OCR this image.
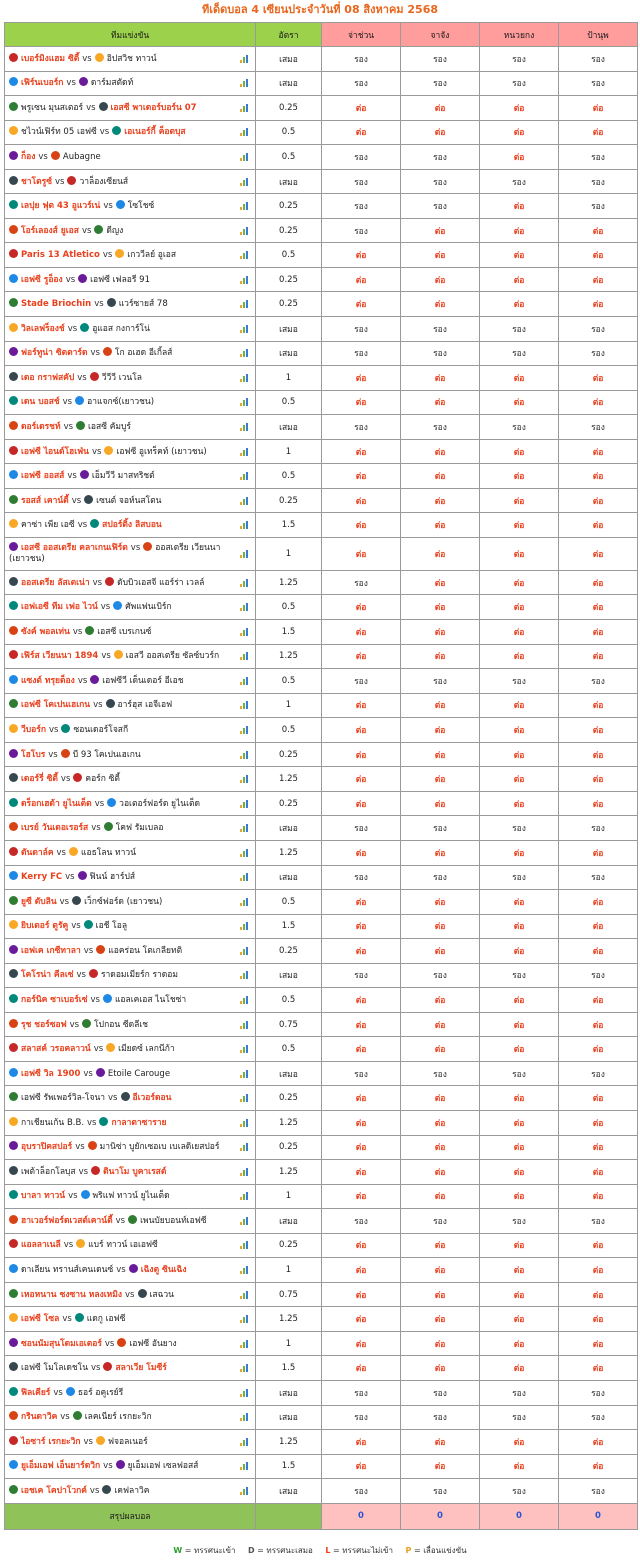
ทีเด็ดบอล 4 เซียนประจำวันที่ 08 สิงหาคม 2568
ทีมแข่งขัน	อัตรา	จ่าช่วน	จาจัง	หนวยกง	ป้านุพ
เบอร์มิงแฮม ซิตี้ vs อิปสวิช ทาวน์	เสมอ	รอง	รอง	รอง	รอง
เฟิร์นเบอร์ก vs ดาร์มสตัดท์	เสมอ	รอง	รอง	รอง	รอง
พรูเซน มุนสเตอร์ vs เอสซี พาเดอร์บอร์น 07	0.25	ต่อ	ต่อ	ต่อ	ต่อ
ชไวน์เฟิร์ท 05 เอฟซี vs เอเนอร์กี้ ค็อตบุส	0.5	ต่อ	ต่อ	ต่อ	ต่อ
ก็อง vs Aubagne	0.5	รอง	รอง	ต่อ	รอง
ชาโตรูซ์ vs วาล็องเซียนส์	เสมอ	รอง	รอง	รอง	รอง
เลปุย ฟุต 43 อูแวร์เน่ vs โซโชซ์	0.25	รอง	รอง	ต่อ	รอง
โอร์เลองส์ ยูเอส vs ดีญง	0.25	รอง	ต่อ	ต่อ	ต่อ
Paris 13 Atletico vs เกววีลย์ อูเอส	0.5	ต่อ	ต่อ	ต่อ	ต่อ
เอฟซี รูอ็อง vs เอฟซี เฟลอรี 91	0.25	ต่อ	ต่อ	ต่อ	ต่อ
Stade Briochin vs แวร์ซายส์ 78	0.25	ต่อ	ต่อ	ต่อ	ต่อ
วิลเลฟร็องช์ vs อูแอส กงการ์โน่	เสมอ	รอง	รอง	รอง	รอง
ฟอร์ทูน่า ซิตตาร์ด vs โก อเฮด อีเกิ้ลส์	เสมอ	รอง	รอง	รอง	รอง
เดอ กราฟสคัป vs วีวีวี เวนโล	1	ต่อ	ต่อ	ต่อ	ต่อ
เดน บอสช์ vs อาแจกซ์(เยาวชน)	0.5	ต่อ	ต่อ	ต่อ	ต่อ
ดอร์เดรชท์ vs เอสซี คัมบูร์	เสมอ	รอง	รอง	รอง	รอง
เอฟซี ไอนด์โฮเฟ่น vs เอฟซี อูเทร็คท์ (เยาวชน)	1	ต่อ	ต่อ	ต่อ	ต่อ
เอฟซี ออสส์ vs เอ็มวีวี มาสทริชต์	0.5	ต่อ	ต่อ	ต่อ	ต่อ
รอสส์ เคาน์ตี้ vs เซนต์ จอห์นสโตน	0.25	ต่อ	ต่อ	ต่อ	ต่อ
คาซ่า เพีย เอซี vs สปอร์ติ้ง ลิสบอน	1.5	ต่อ	ต่อ	ต่อ	ต่อ
เอสซี ออสเตรีย คลาเกนเฟิร์ต vs ออสเตรีย เวียนนา (เยาวชน)	1	ต่อ	ต่อ	ต่อ	ต่อ
ออสเตรีย ลัสเตเน่า vs ดับบิวเอสจี แอร์ร่า เวลล์	1.25	รอง	ต่อ	ต่อ	ต่อ
เอฟเอซี ทีม เฟอ ไวน์ vs ศัพแฟนเบิร์ก	0.5	ต่อ	ต่อ	ต่อ	ต่อ
ซังค์ พอลเท่น vs เอสซี เบรเกนซ์	1.5	ต่อ	ต่อ	ต่อ	ต่อ
เฟิร์ส เวียนนา 1894 vs เอสวี ออสเตรีย ซัลซ์บวร์ก	1.25	ต่อ	ต่อ	ต่อ	ต่อ
แซงต์ ทรุยด็อง vs เอฟซีวี เด็นเดอร์ อีเอช	0.5	รอง	รอง	รอง	รอง
เอฟซี โคเปนเฮเกน vs อาร์ฮุส เอจีเอฟ	1	ต่อ	ต่อ	ต่อ	ต่อ
วีบอร์ก vs ซอนเดอร์โจสกี	0.5	ต่อ	ต่อ	ต่อ	ต่อ
โฮโบร vs บี 93 โคเปนเฮเกน	0.25	ต่อ	ต่อ	ต่อ	ต่อ
เดอร์รี่ ซิตี้ vs คอร์ก ซิตี้	1.25	ต่อ	ต่อ	ต่อ	ต่อ
ดร็อกเฮด้า ยูไนเต็ด vs วอเตอร์ฟอร์ด ยูไนเต็ด	0.25	ต่อ	ต่อ	ต่อ	ต่อ
เบรย์ วันเดอเรอร์ส vs โคฟ รัมเบลอ	เสมอ	รอง	รอง	รอง	รอง
ดันดาล์ค vs แอธโลน ทาวน์	1.25	ต่อ	ต่อ	ต่อ	ต่อ
Kerry FC vs ฟินน์ ฮาร์ปส์	เสมอ	รอง	รอง	รอง	รอง
ยูซี ดับลิน vs เว็กซ์ฟอร์ด (เยาวชน)	0.5	ต่อ	ต่อ	ต่อ	ต่อ
ยิบเดอร์ ตูรัคู vs เอชี โอลู	1.5	ต่อ	ต่อ	ต่อ	ต่อ
เอฟเค เกซีทาลา vs แอคร่อน โตเกลียทติ	0.25	ต่อ	ต่อ	ต่อ	ต่อ
โคโรน่า คีลเซ่ vs ราดอมเมียร์ก ราดอม	เสมอ	รอง	รอง	รอง	รอง
กอร์นิค ซาเบอร์เซ่ vs แอลเคเอส ไนโชซ่า	0.5	ต่อ	ต่อ	ต่อ	ต่อ
รุช ชอร์ซอฟ vs โปกอน ซีดลีเช	0.75	ต่อ	ต่อ	ต่อ	ต่อ
สลาสค์ วรอคลาวน์ vs เมียดซ์ เลกนีก้า	0.5	ต่อ	ต่อ	ต่อ	ต่อ
เอฟซี วิล 1900 vs Etoile Carouge	เสมอ	รอง	รอง	รอง	รอง
เอฟซี รัพเพอร์วิล-โจนา vs อีเวอร์ดอน	0.25	ต่อ	ต่อ	ต่อ	ต่อ
กาเชียนเก้น B.B. vs กาลาตาซาราย	1.25	ต่อ	ต่อ	ต่อ	ต่อ
อุบราปิคสปอร์ vs มานิซ่า บูยักเซอเบ เบเลดิเยสปอร์	0.25	ต่อ	ต่อ	ต่อ	ต่อ
เพต้าล็อกโลบุส vs ดินาโม บูคาเรสต์	1.25	ต่อ	ต่อ	ต่อ	ต่อ
บาลา ทาวน์ vs พริแฟ ทาวน์ ยูไนเต็ด	1	ต่อ	ต่อ	ต่อ	ต่อ
ฮาเวอร์ฟอร์ดเวสต์เคาน์ตี้ vs เพนบัยบอนท์เอฟซี	เสมอ	รอง	รอง	รอง	รอง
แอลลาเนลี vs แบร์ ทาวน์ เอเอฟซี	0.25	ต่อ	ต่อ	ต่อ	ต่อ
ดาเลียน ทรานส์เคนเดนซ์ vs เฉิงตู ซินเฉิง	1	ต่อ	ต่อ	ต่อ	ต่อ
เหอหนาน ซงซาน หลงเหมิง vs เสฉวน	0.75	ต่อ	ต่อ	ต่อ	ต่อ
เอฟซี โซล vs แดกู เอฟซี	1.25	ต่อ	ต่อ	ต่อ	ต่อ
ซอนนัมสุนโดมเอเตอร์ vs เอฟซี อันยาง	1	ต่อ	ต่อ	ต่อ	ต่อ
เอฟซี โมโลเดชโน vs สลาเวีย โมซีร์	1.5	ต่อ	ต่อ	ต่อ	ต่อ
ฟิลเคียร์ vs ธอร์ อคูเรย์รี	เสมอ	รอง	รอง	รอง	รอง
กรินดาวิค vs เลคเนียร์ เรกยะวิก	เสมอ	รอง	รอง	รอง	รอง
ไอซาร์ เรกยะวิก vs ฟจอลเนอร์	1.25	ต่อ	ต่อ	ต่อ	ต่อ
ยูเอ็มเอฟ เอ็นยาร์ดวิก vs ยูเอ็มเอฟ เซลฟอสส์	1.5	ต่อ	ต่อ	ต่อ	ต่อ
เอชเค โคปาโวกค์ vs เคฟลาวิค	เสมอ	รอง	รอง	รอง	รอง
สรุปผลบอล		0	0	0	0
W = ทรรศนะเข้า D = ทรรศนะเสมอ L = ทรรศนะไม่เข้า P = เลื่อนแข่งขัน
